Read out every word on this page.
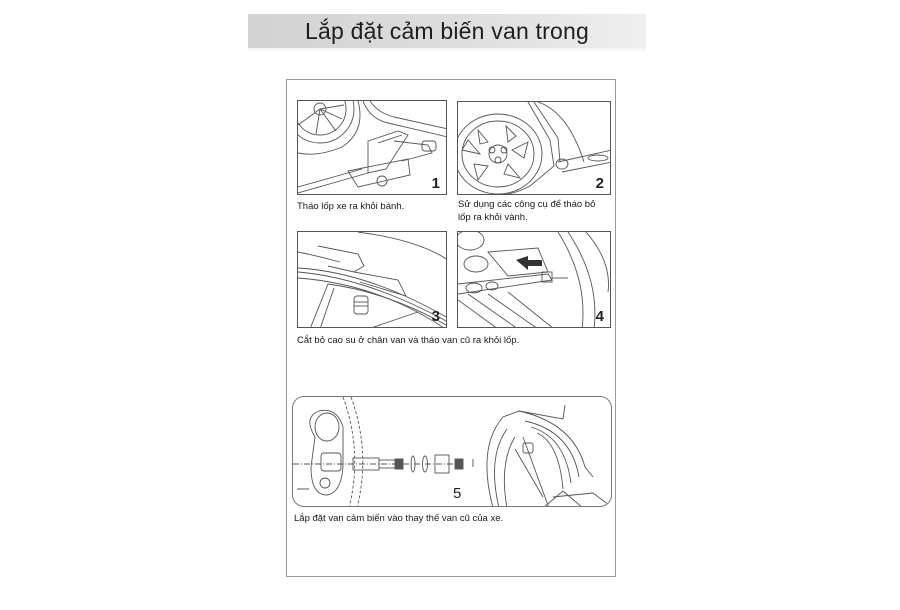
Lắp đặt cảm biến van trong
1
Tháo lốp xe ra khỏi bánh.
2
Sử dụng các công cụ để tháo bỏ
lốp ra khỏi vành.
3	4
Cắt bỏ cao su ở chân van và tháo van cũ ra khỏi lốp.
5
Lắp đặt van cảm biến vào thay thế van cũ của xe.
